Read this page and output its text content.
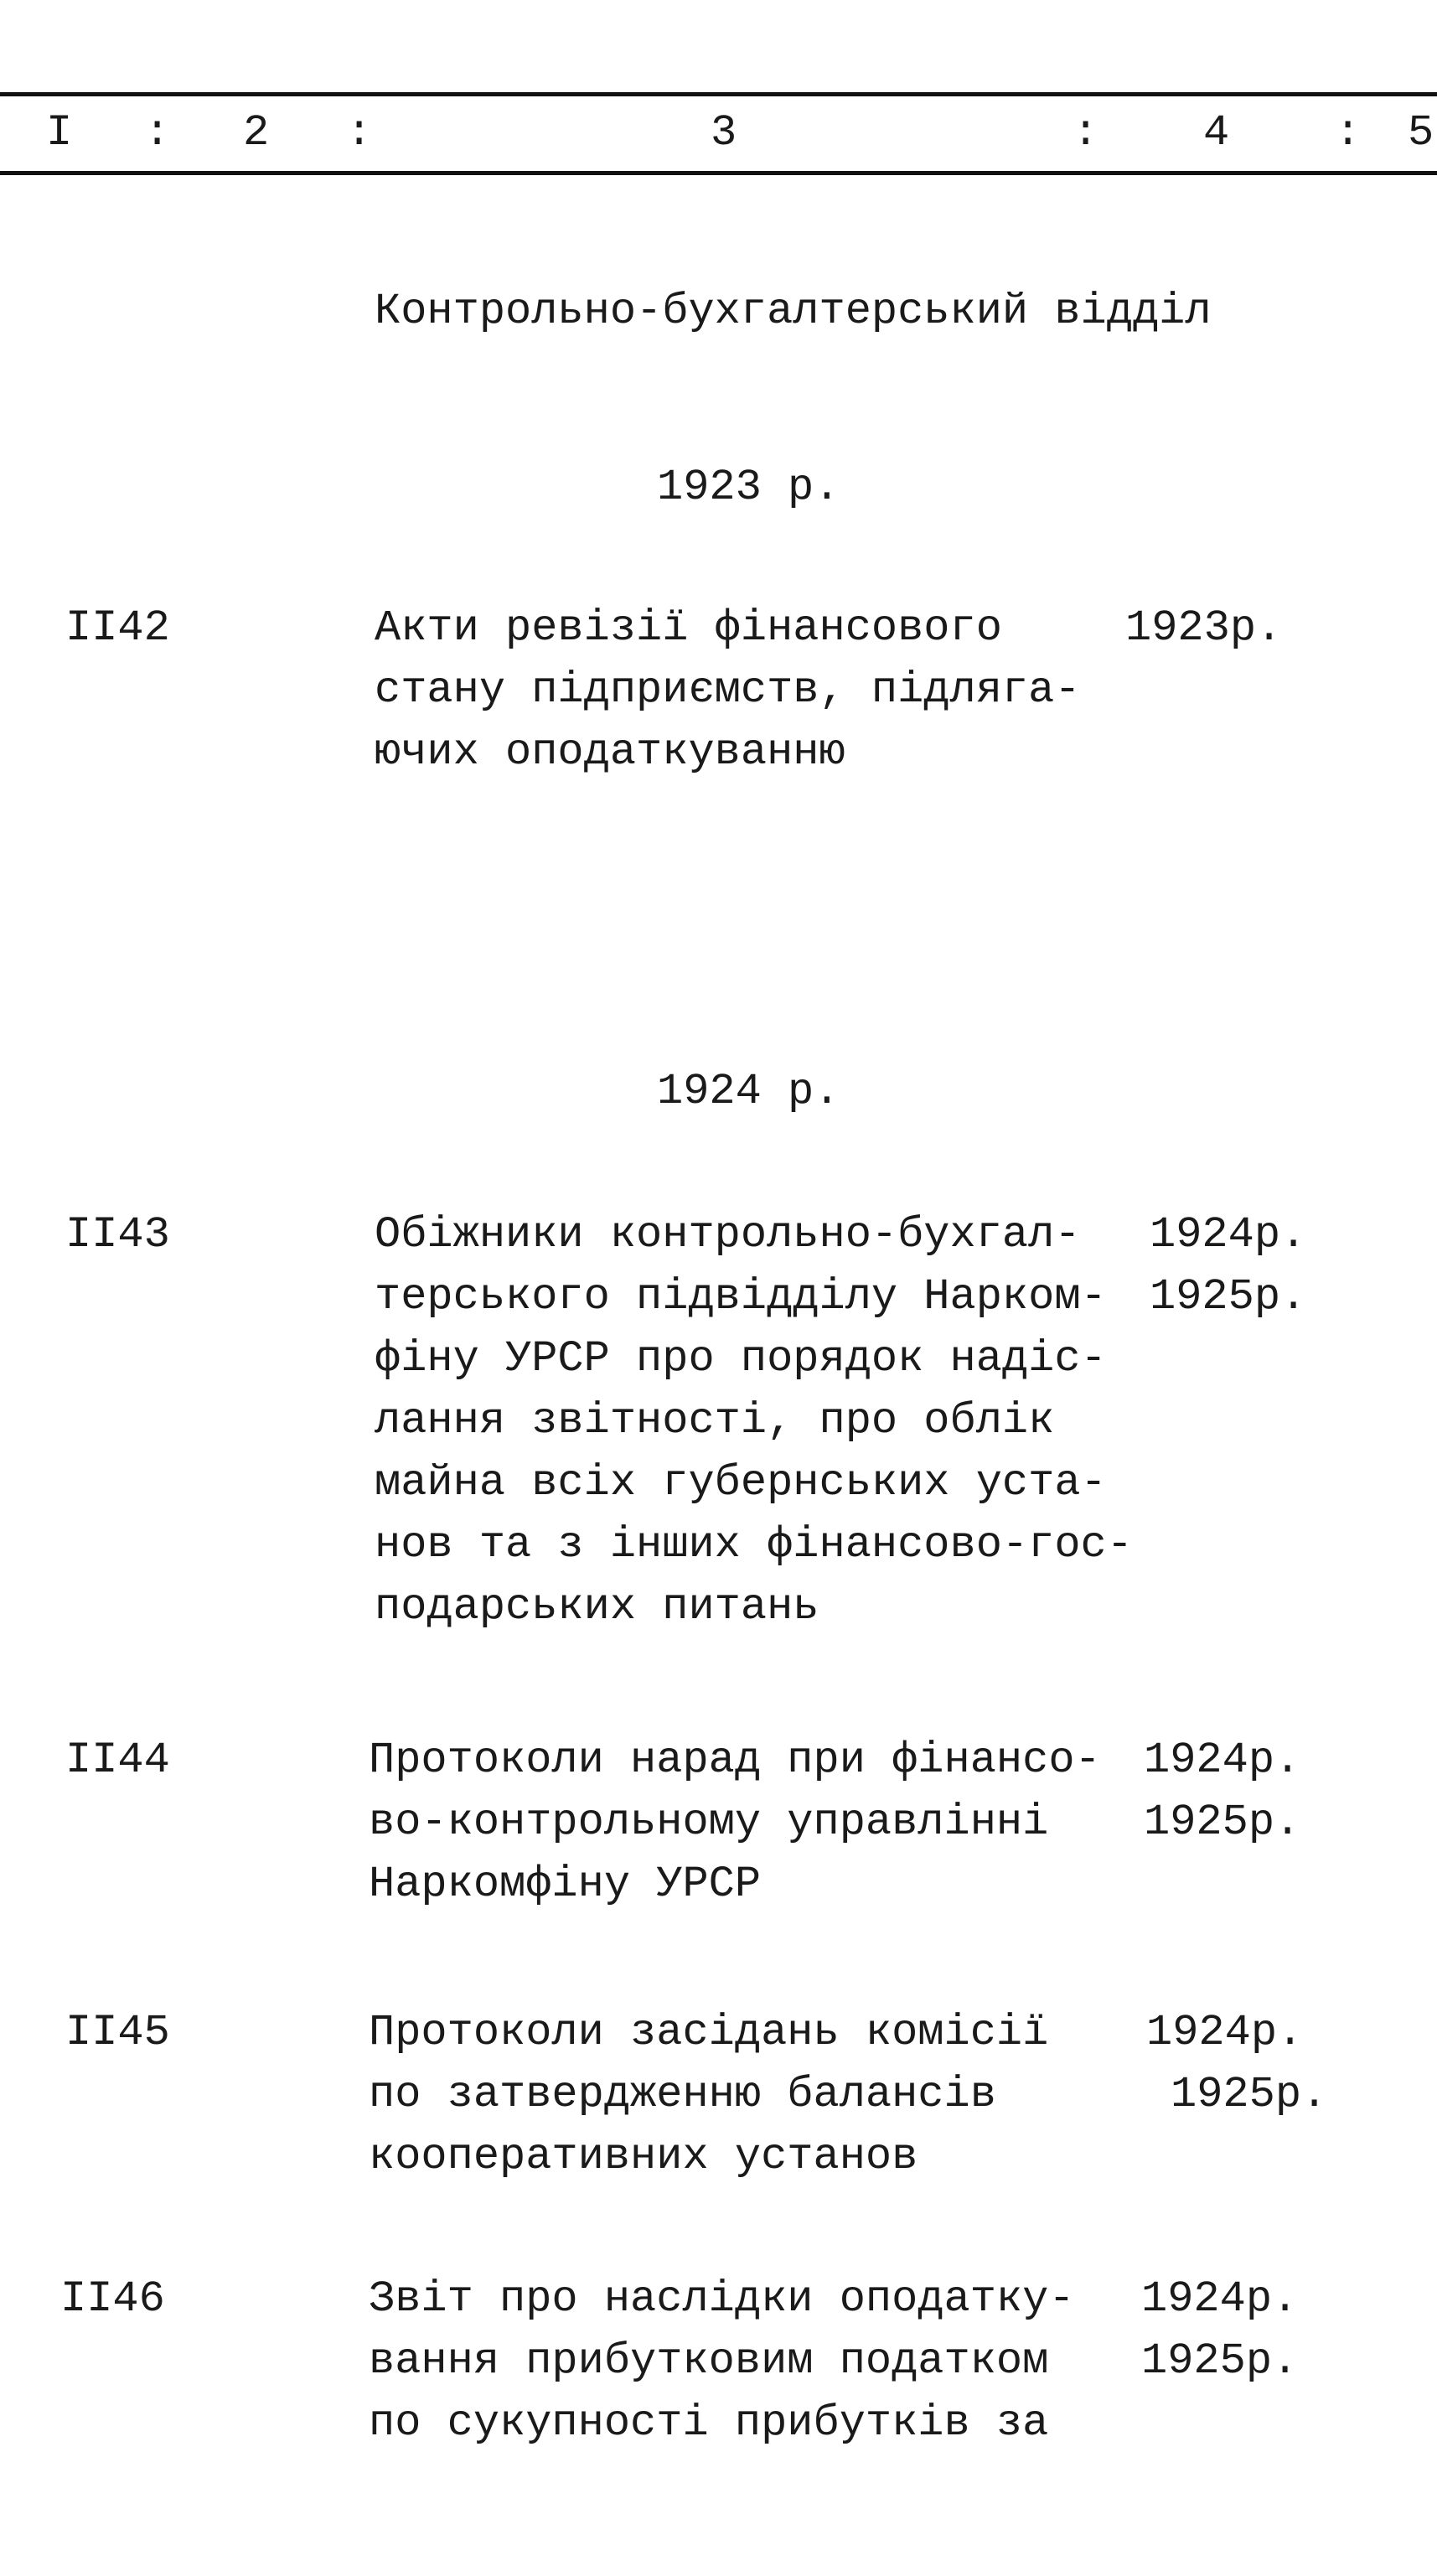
I : 2 :	3	: 4 : 5
Контрольно-бухгалтерський відділ
1923 р.
II42	Акти ревізії фінансового
стану підприємств, підляга-
ючих оподаткуванню
1923р.
1924 р.
II43	Обіжники контрольно-бухгал-
терського підвідділу Нарком-
фіну УРСР про порядок надіс-
лання звітності, про облік
майна всіх губернських уста-
нов та з інших фінансово-гос-
подарських питань
1924р.
1925р.
II44	Протоколи нарад при фінансо-
во-контрольному управлінні
Наркомфіну УРСР
1924р.
1925р.
II45	Протоколи засідань комісії
по затвердженню балансів
кооперативних установ
1924р.
1925р.
II46	Звіт про наслідки оподатку-
вання прибутковим податком
по сукупності прибутків за
1924р.
1925р.
